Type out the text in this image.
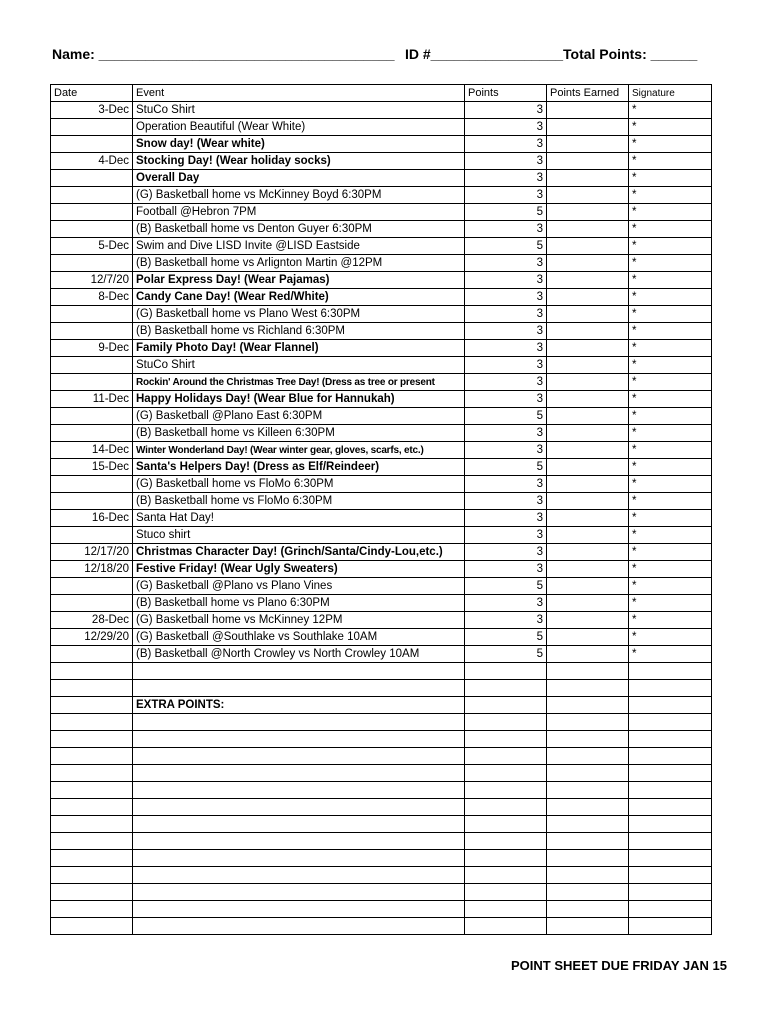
Name: ______________________________________ ID #_________________ Total Points: ______
Date	Event	Points	Points Earned	Signature
3-Dec	StuCo Shirt	3		*
	Operation Beautiful (Wear White)	3		*
	Snow day! (Wear white)	3		*
4-Dec	Stocking Day! (Wear holiday socks)	3		*
	Overall Day	3		*
	(G) Basketball home vs McKinney Boyd 6:30PM	3		*
	Football @Hebron 7PM	5		*
	(B) Basketball home vs Denton Guyer 6:30PM	3		*
5-Dec	Swim and Dive LISD Invite @LISD Eastside	5		*
	(B) Basketball home vs Arlignton Martin @12PM	3		*
12/7/20	Polar Express Day! (Wear Pajamas)	3		*
8-Dec	Candy Cane Day! (Wear Red/White)	3		*
	(G) Basketball home vs Plano West 6:30PM	3		*
	(B) Basketball home vs Richland 6:30PM	3		*
9-Dec	Family Photo Day! (Wear Flannel)	3		*
	StuCo Shirt	3		*
	Rockin' Around the Christmas Tree Day! (Dress as tree or present	3		*
11-Dec	Happy Holidays Day! (Wear Blue for Hannukah)	3		*
	(G) Basketball @Plano East 6:30PM	5		*
	(B) Basketball home vs Killeen 6:30PM	3		*
14-Dec	Winter Wonderland Day! (Wear winter gear, gloves, scarfs, etc.)	3		*
15-Dec	Santa's Helpers Day! (Dress as Elf/Reindeer)	5		*
	(G) Basketball home vs FloMo 6:30PM	3		*
	(B) Basketball home vs FloMo 6:30PM	3		*
16-Dec	Santa Hat Day!	3		*
	Stuco shirt	3		*
12/17/20	Christmas Character Day! (Grinch/Santa/Cindy-Lou,etc.)	3		*
12/18/20	Festive Friday! (Wear Ugly Sweaters)	3		*
	(G) Basketball @Plano vs Plano Vines	5		*
	(B) Basketball home vs Plano 6:30PM	3		*
28-Dec	(G) Basketball home vs McKinney 12PM	3		*
12/29/20	(G) Basketball @Southlake vs Southlake 10AM	5		*
	(B) Basketball @North Crowley vs North Crowley 10AM	5		*

	EXTRA POINTS:			

POINT SHEET DUE FRIDAY JAN 15
